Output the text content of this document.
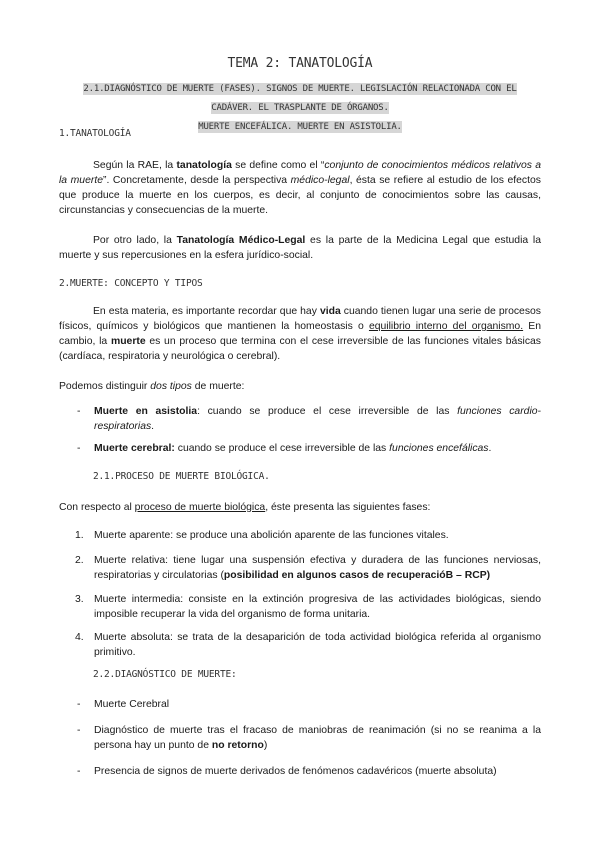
TEMA 2: TANATOLOGÍA
2.1.DIAGNÓSTICO DE MUERTE (FASES). SIGNOS DE MUERTE. LEGISLACIÓN RELACIONADA CON EL CADÁVER. EL TRASPLANTE DE ÓRGANOS.
MUERTE ENCEFÁLICA. MUERTE EN ASISTOLIA.
1.TANATOLOGÍA

Según la RAE, la tanatología se define como el “conjunto de conocimientos médicos relativos a la muerte”. Concretamente, desde la perspectiva médico-legal, ésta se refiere al estudio de los efectos que produce la muerte en los cuerpos, es decir, al conjunto de conocimientos sobre las causas, circunstancias y consecuencias de la muerte.

Por otro lado, la Tanatología Médico-Legal es la parte de la Medicina Legal que estudia la muerte y sus repercusiones en la esfera jurídico-social.

2.MUERTE: CONCEPTO Y TIPOS

En esta materia, es importante recordar que hay vida cuando tienen lugar una serie de procesos físicos, químicos y biológicos que mantienen la homeostasis o equilibrio interno del organismo. En cambio, la muerte es un proceso que termina con el cese irreversible de las funciones vitales básicas (cardíaca, respiratoria y neurológica o cerebral).

Podemos distinguir dos tipos de muerte:

- Muerte en asistolia: cuando se produce el cese irreversible de las funciones cardio-respiratorias.

- Muerte cerebral: cuando se produce el cese irreversible de las funciones encefálicas.

2.1.PROCESO DE MUERTE BIOLÓGICA.

Con respecto al proceso de muerte biológica, éste presenta las siguientes fases:

1. Muerte aparente: se produce una abolición aparente de las funciones vitales.

2. Muerte relativa: tiene lugar una suspensión efectiva y duradera de las funciones nerviosas, respiratorias y circulatorias (posibilidad en algunos casos de recuperacióB – RCP)

3. Muerte intermedia: consiste en la extinción progresiva de las actividades biológicas, siendo imposible recuperar la vida del organismo de forma unitaria.

4. Muerte absoluta: se trata de la desaparición de toda actividad biológica referida al organismo primitivo.

2.2.DIAGNÓSTICO DE MUERTE:
- Muerte Cerebral

- Diagnóstico de muerte tras el fracaso de maniobras de reanimación (si no se reanima a la persona hay un punto de no retorno)

- Presencia de signos de muerte derivados de fenómenos cadavéricos (muerte absoluta)
